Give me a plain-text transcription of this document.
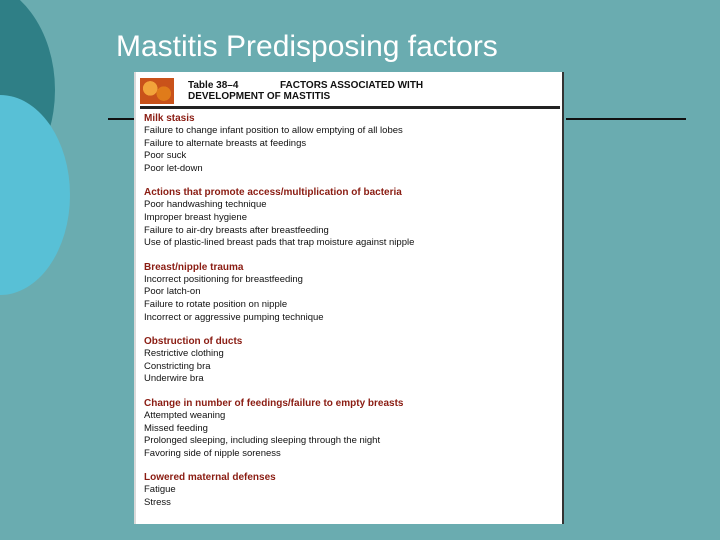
Mastitis Predisposing factors
Table 38–4	FACTORS ASSOCIATED WITH
DEVELOPMENT OF MASTITIS
Milk stasis
Failure to change infant position to allow emptying of all lobes
Failure to alternate breasts at feedings
Poor suck
Poor let-down
Actions that promote access/multiplication of bacteria
Poor handwashing technique
Improper breast hygiene
Failure to air-dry breasts after breastfeeding
Use of plastic-lined breast pads that trap moisture against nipple
Breast/nipple trauma
Incorrect positioning for breastfeeding
Poor latch-on
Failure to rotate position on nipple
Incorrect or aggressive pumping technique
Obstruction of ducts
Restrictive clothing
Constricting bra
Underwire bra
Change in number of feedings/failure to empty breasts
Attempted weaning
Missed feeding
Prolonged sleeping, including sleeping through the night
Favoring side of nipple soreness
Lowered maternal defenses
Fatigue
Stress
